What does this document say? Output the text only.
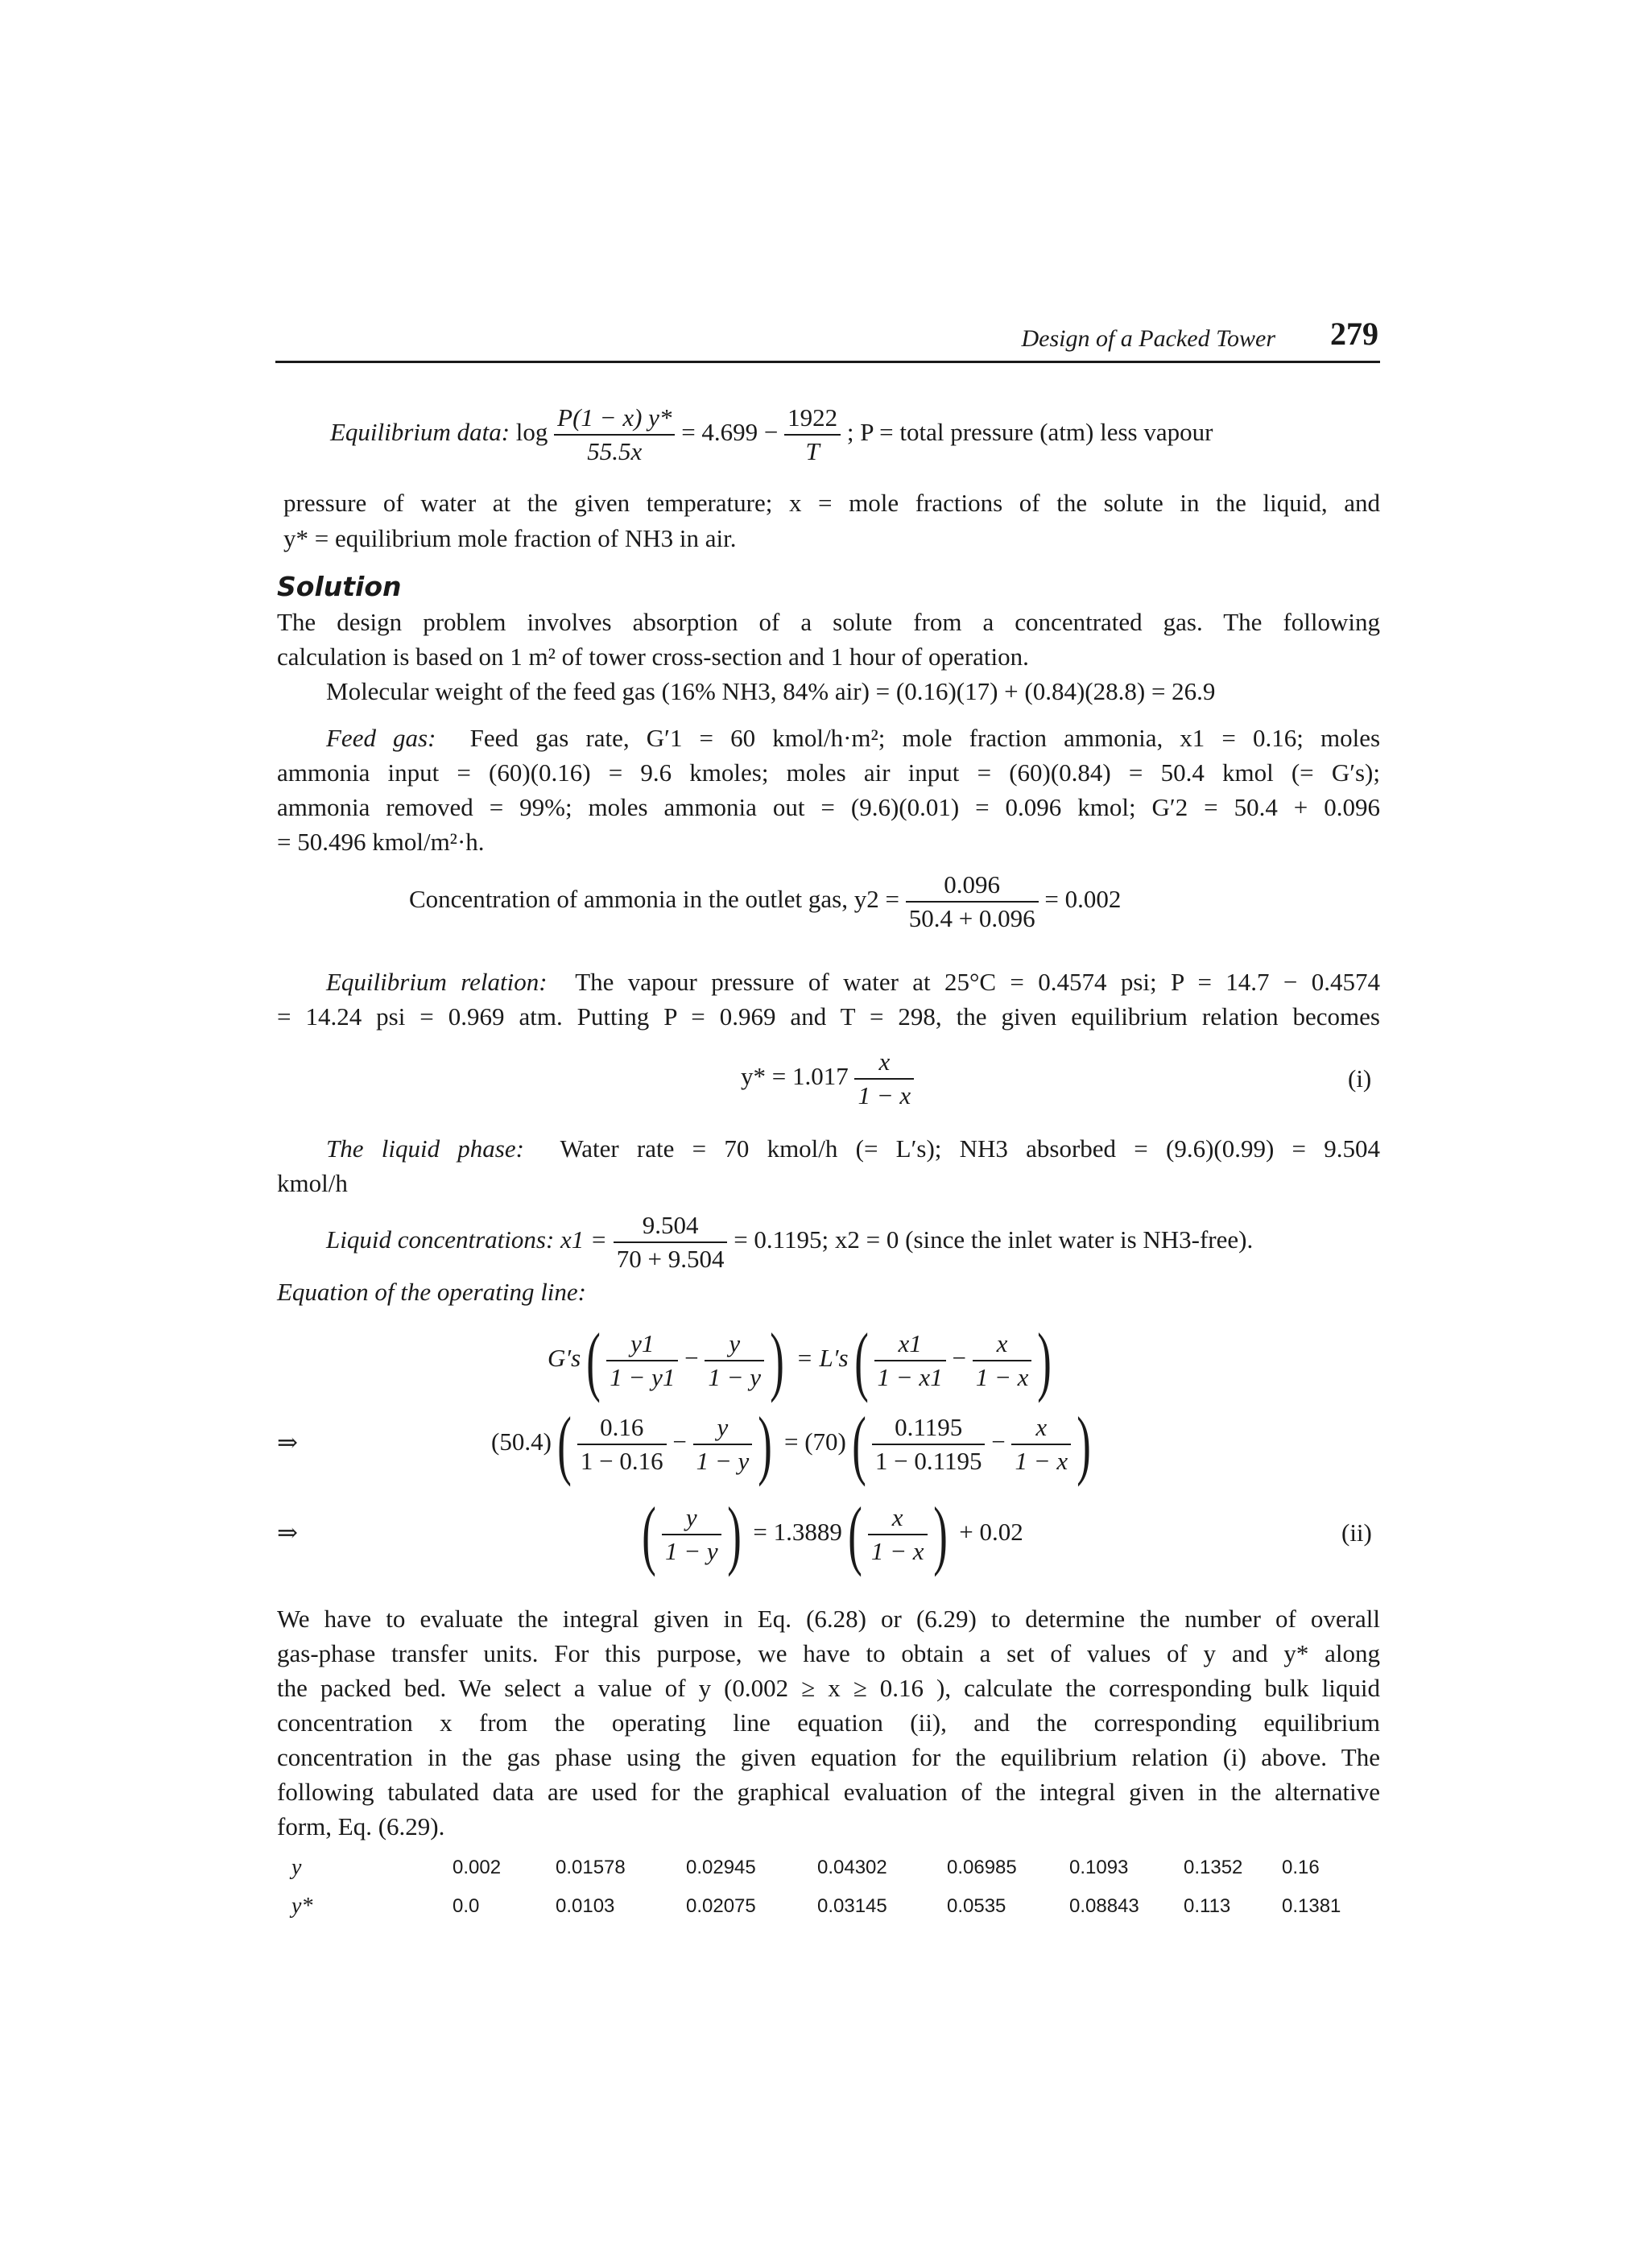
Design of a Packed Tower 279
Equilibrium data: $\log \frac{P(1 - x) y*}{55.5x} = 4.699 - \frac{1922}{T}$ ; P = total pressure (atm) less vapour
pressure of water at the given temperature; x = mole fractions of the solute in the liquid, and
y* = equilibrium mole fraction of NH3 in air.
Solution
The design problem involves absorption of a solute from a concentrated gas. The following
calculation is based on 1 m² of tower cross-section and 1 hour of operation.
Molecular weight of the feed gas (16% NH3, 84% air) = (0.16)(17) + (0.84)(28.8) = 26.9
Feed gas: Feed gas rate, G′1 = 60 kmol/h·m²; mole fraction ammonia, x1 = 0.16; moles
ammonia input = (60)(0.16) = 9.6 kmoles; moles air input = (60)(0.84) = 50.4 kmol (= G′s);
ammonia removed = 99%; moles ammonia out = (9.6)(0.01) = 0.096 kmol; G′2 = 50.4 + 0.096
= 50.496 kmol/m²·h.
Concentration of ammonia in the outlet gas, $y2 = \frac{0.096}{50.4 + 0.096} = 0.002$
Equilibrium relation: The vapour pressure of water at 25°C = 0.4574 psi; P = 14.7 − 0.4574
= 14.24 psi = 0.969 atm. Putting P = 0.969 and T = 298, the given equilibrium relation becomes
$y* = 1.017 \frac{x}{1 - x}$	(i)
The liquid phase: Water rate = 70 kmol/h (= L′s); NH3 absorbed = (9.6)(0.99) = 9.504
kmol/h
Liquid concentrations: $x1 = \frac{9.504}{70 + 9.504} = 0.1195$; x2 = 0 (since the inlet water is NH3-free).
Equation of the operating line:
$G's( \frac{y1}{1 - y1} - \frac{y}{1 - y}$ ) = $L's( \frac{x1}{1 - x1} - \frac{x}{1 - x}$ )
⇒	$(50.4)( \frac{0.16}{1 - 0.16} - \frac{y}{1 - y}$ ) = $(70)( \frac{0.1195}{1 - 0.1195} - \frac{x}{1 - x}$ )
⇒	( $\frac{y}{1 - y}$ ) = $1.3889( \frac{x}{1 - x}$ ) + 0.02	(ii)
We have to evaluate the integral given in Eq. (6.28) or (6.29) to determine the number of overall
gas-phase transfer units. For this purpose, we have to obtain a set of values of y and y* along
the packed bed. We select a value of y (0.002 ≥ x ≥ 0.16 ), calculate the corresponding bulk liquid
concentration x from the operating line equation (ii), and the corresponding equilibrium
concentration in the gas phase using the given equation for the equilibrium relation (i) above. The
following tabulated data are used for the graphical evaluation of the integral given in the alternative
form, Eq. (6.29).
y	0.002	0.01578	0.02945	0.04302	0.06985	0.1093	0.1352	0.16
y*	0.0	0.0103	0.02075	0.03145	0.0535	0.08843	0.113	0.1381
